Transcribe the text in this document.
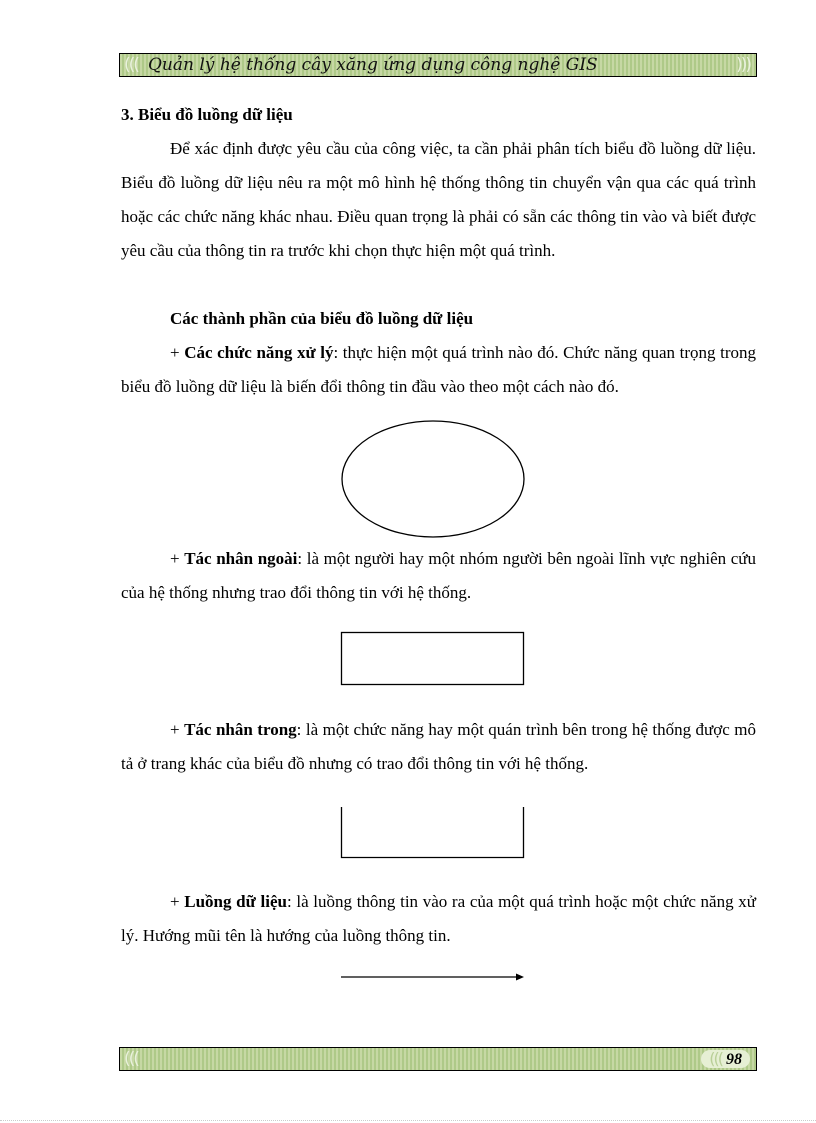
((( Quản lý hệ thống cây xăng ứng dụng công nghệ GIS	)))
3. Biểu đồ luồng dữ liệu
Để xác định được yêu cầu của công việc, ta cần phải phân tích biểu đồ luồng dữ liệu. Biểu đồ luồng dữ liệu nêu ra một mô hình hệ thống thông tin chuyển vận qua các quá trình hoặc các chức năng khác nhau. Điều quan trọng là phải có sẵn các thông tin vào và biết được yêu cầu của thông tin ra trước khi chọn thực hiện một quá trình.
Các thành phần của biểu đồ luồng dữ liệu
+ Các chức năng xử lý: thực hiện một quá trình nào đó. Chức năng quan trọng trong biểu đồ luồng dữ liệu là biến đổi thông tin đầu vào theo một cách nào đó.
+ Tác nhân ngoài: là một người hay một nhóm người bên ngoài lĩnh vực nghiên cứu của hệ thống nhưng trao đổi thông tin với hệ thống.
+ Tác nhân trong: là một chức năng hay một quán trình bên trong hệ thống được mô tả ở trang khác của biểu đồ nhưng có trao đổi thông tin với hệ thống.
+ Luồng dữ liệu: là luồng thông tin vào ra của một quá trình hoặc một chức năng xử lý. Hướng mũi tên là hướng của luồng thông tin.
(((	((( 98
